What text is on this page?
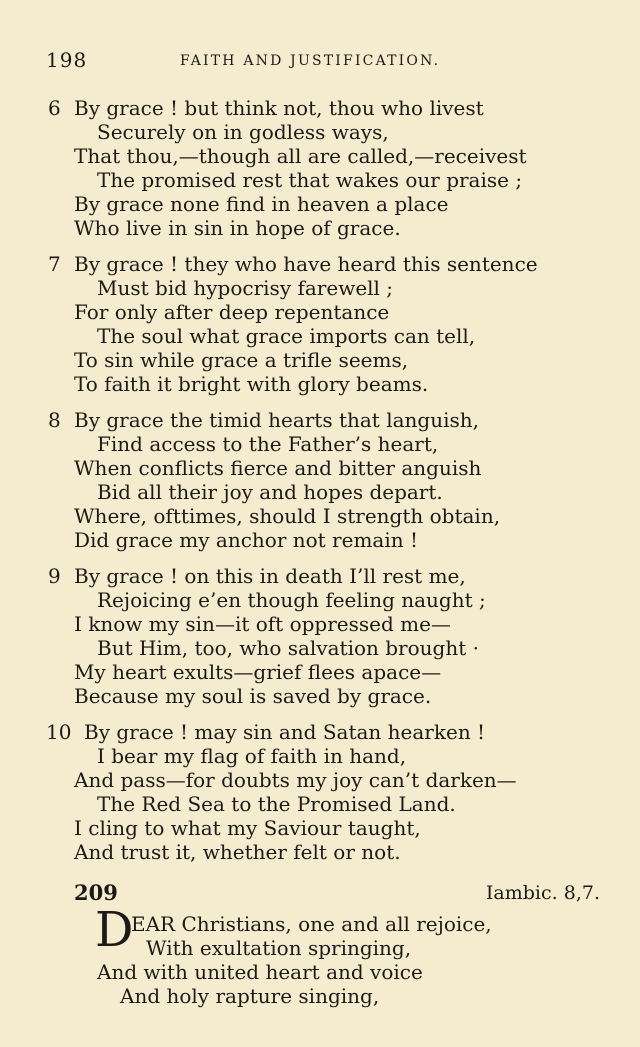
198	FAITH AND JUSTIFICATION.
6 By grace ! but think not, thou who livest
Securely on in godless ways,
That thou,—though all are called,—receivest
The promised rest that wakes our praise ;
By grace none find in heaven a place
Who live in sin in hope of grace.
7 By grace ! they who have heard this sentence
Must bid hypocrisy farewell ;
For only after deep repentance
The soul what grace imports can tell,
To sin while grace a trifle seems,
To faith it bright with glory beams.
8 By grace the timid hearts that languish,
Find access to the Father’s heart,
When conflicts fierce and bitter anguish
Bid all their joy and hopes depart.
Where, ofttimes, should I strength obtain,
Did grace my anchor not remain !
9 By grace ! on this in death I’ll rest me,
Rejoicing e’en though feeling naught ;
I know my sin—it oft oppressed me—
But Him, too, who salvation brought ·
My heart exults—grief flees apace—
Because my soul is saved by grace.
10 By grace ! may sin and Satan hearken !
I bear my flag of faith in hand,
And pass—for doubts my joy can’t darken—
The Red Sea to the Promised Land.
I cling to what my Saviour taught,
And trust it, whether felt or not.
209	Iambic. 8,7.
D
EAR Christians, one and all rejoice,
With exultation springing,
And with united heart and voice
And holy rapture singing,
